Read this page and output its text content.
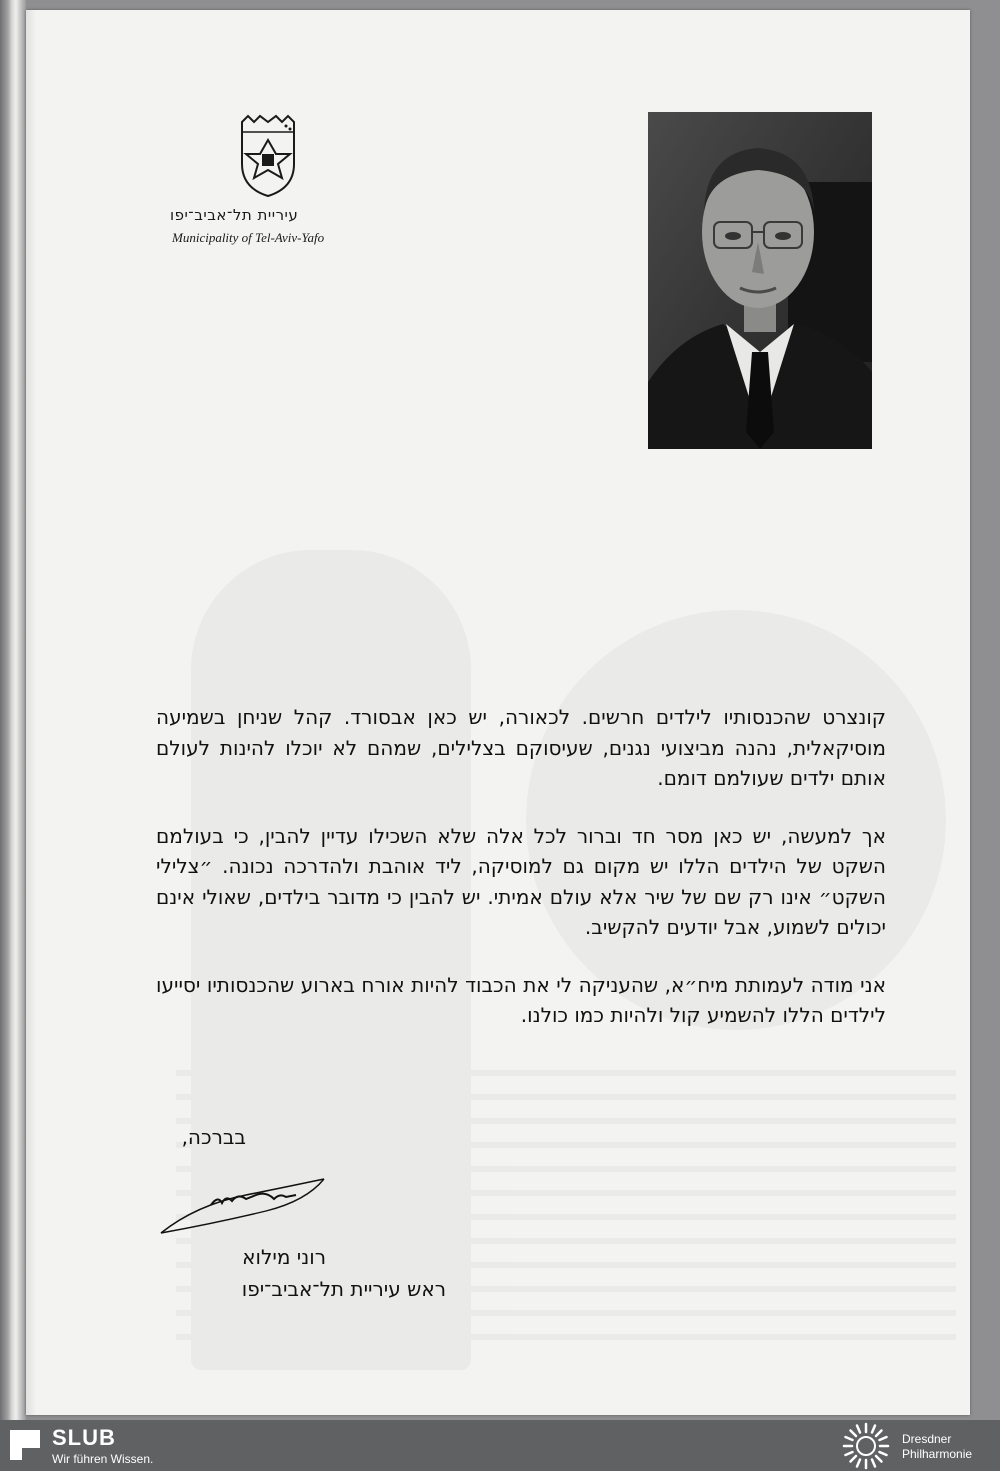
עיריית תל־אביב־יפו
Municipality of Tel-Aviv-Yafo

קונצרט שהכנסותיו לילדים חרשים. לכאורה, יש כאן אבסורד. קהל שניחן בשמיעה מוסיקאלית, נהנה מביצועי נגנים, שעיסוקם בצלילים, שמהם לא יוכלו להינות לעולם אותם ילדים שעולמם דומם.

אך למעשה, יש כאן מסר חד וברור לכל אלה שלא השכילו עדיין להבין, כי בעולמם השקט של הילדים הללו יש מקום גם למוסיקה, ליד אוהבת ולהדרכה נכונה. ״צלילי השקט״ אינו רק שם של שיר אלא עולם אמיתי. יש להבין כי מדובר בילדים, שאולי אינם יכולים לשמוע, אבל יודעים להקשיב.

אני מודה לעמותת מיח״א, שהעניקה לי את הכבוד להיות אורח בארוע שהכנסותיו יסייעו לילדים הללו להשמיע קול ולהיות כמו כולנו.

בברכה,
רוני מילוא
ראש עיריית תל־אביב־יפו
SLUB
Wir führen Wissen.
Dresdner
Philharmonie
